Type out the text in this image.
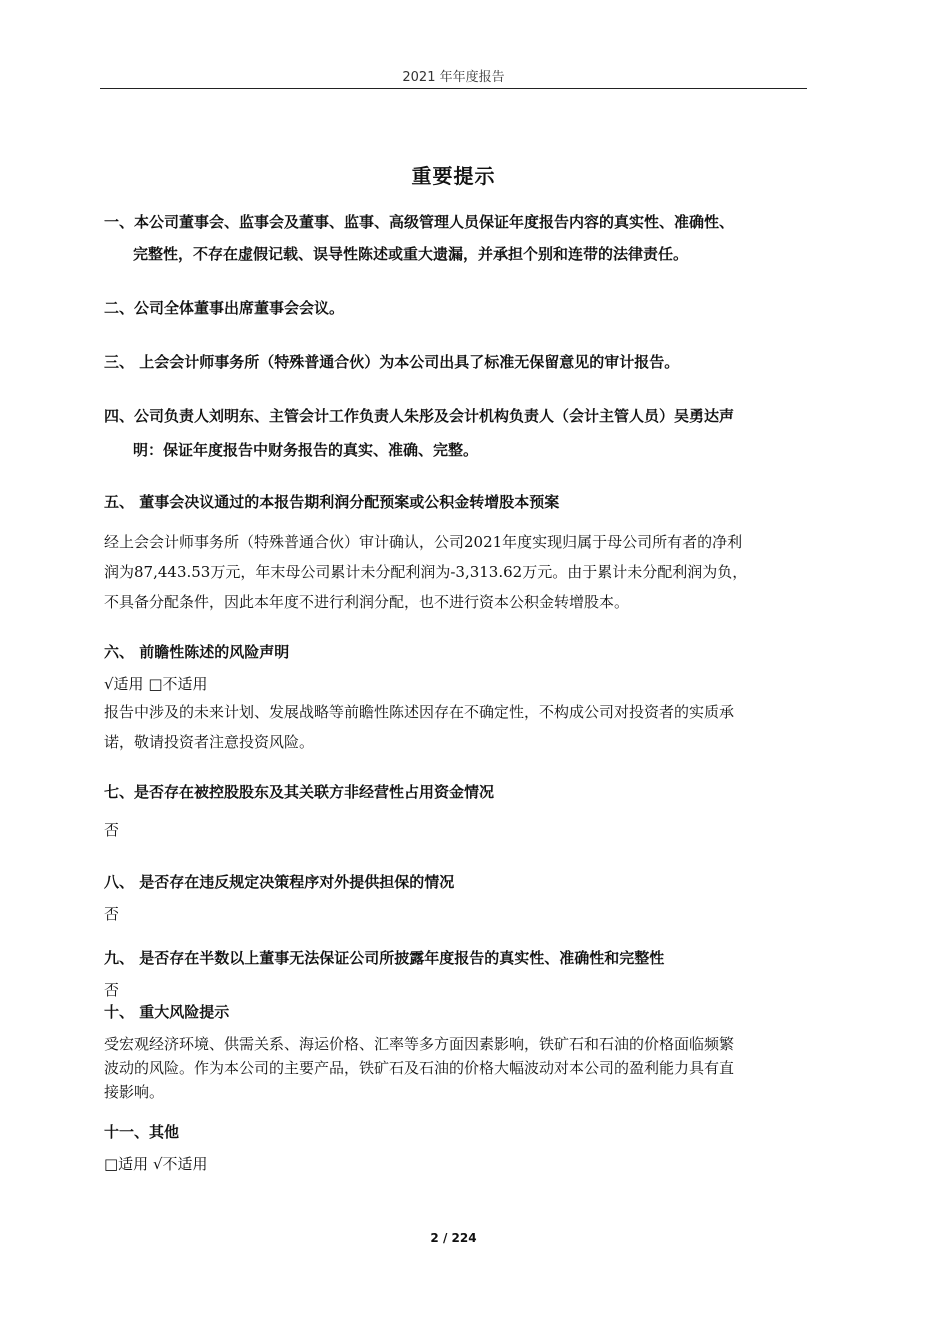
2021 年年度报告
重要提示
一、本公司董事会、监事会及董事、监事、高级管理人员保证年度报告内容的真实性、准确性、
完整性，不存在虚假记载、误导性陈述或重大遗漏，并承担个别和连带的法律责任。
二、公司全体董事出席董事会会议。
三、 上会会计师事务所（特殊普通合伙）为本公司出具了标准无保留意见的审计报告。
四、公司负责人刘明东、主管会计工作负责人朱彤及会计机构负责人（会计主管人员）吴勇达声
明：保证年度报告中财务报告的真实、准确、完整。
五、 董事会决议通过的本报告期利润分配预案或公积金转增股本预案
经上会会计师事务所（特殊普通合伙）审计确认，公司2021年度实现归属于母公司所有者的净利
润为87,443.53万元，年末母公司累计未分配利润为-3,313.62万元。由于累计未分配利润为负，
不具备分配条件，因此本年度不进行利润分配，也不进行资本公积金转增股本。
六、 前瞻性陈述的风险声明
√适用 □不适用
报告中涉及的未来计划、发展战略等前瞻性陈述因存在不确定性，不构成公司对投资者的实质承
诺，敬请投资者注意投资风险。
七、是否存在被控股股东及其关联方非经营性占用资金情况
否
八、 是否存在违反规定决策程序对外提供担保的情况
否
九、 是否存在半数以上董事无法保证公司所披露年度报告的真实性、准确性和完整性
否
十、 重大风险提示
受宏观经济环境、供需关系、海运价格、汇率等多方面因素影响，铁矿石和石油的价格面临频繁
波动的风险。作为本公司的主要产品，铁矿石及石油的价格大幅波动对本公司的盈利能力具有直
接影响。
十一、其他
□适用 √不适用
2 / 224
